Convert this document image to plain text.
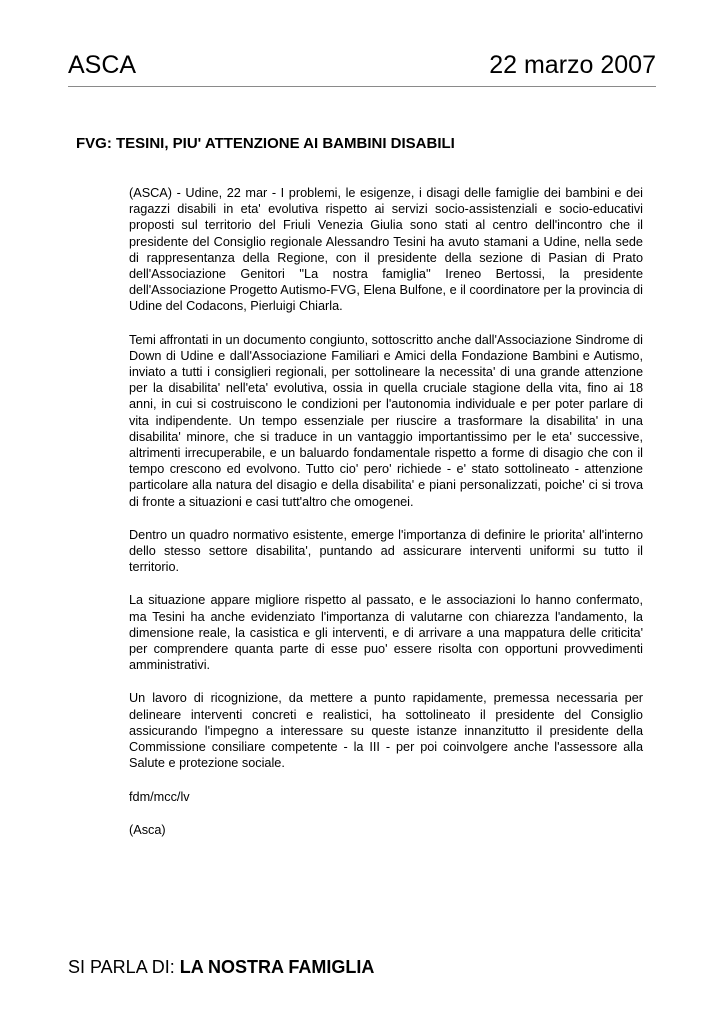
ASCA	22 marzo 2007
FVG: TESINI, PIU' ATTENZIONE AI BAMBINI DISABILI

(ASCA) - Udine, 22 mar - I problemi, le esigenze, i disagi delle famiglie dei bambini e dei ragazzi disabili in eta' evolutiva rispetto ai servizi socio-assistenziali e socio-educativi proposti sul territorio del Friuli Venezia Giulia sono stati al centro dell'incontro che il presidente del Consiglio regionale Alessandro Tesini ha avuto stamani a Udine, nella sede di rappresentanza della Regione, con il presidente della sezione di Pasian di Prato dell'Associazione Genitori ''La nostra famiglia'' Ireneo Bertossi, la presidente dell'Associazione Progetto Autismo-FVG, Elena Bulfone, e il coordinatore per la provincia di Udine del Codacons, Pierluigi Chiarla.

Temi affrontati in un documento congiunto, sottoscritto anche dall'Associazione Sindrome di Down di Udine e dall'Associazione Familiari e Amici della Fondazione Bambini e Autismo, inviato a tutti i consiglieri regionali, per sottolineare la necessita' di una grande attenzione per la disabilita' nell'eta' evolutiva, ossia in quella cruciale stagione della vita, fino ai 18 anni, in cui si costruiscono le condizioni per l'autonomia individuale e per poter parlare di vita indipendente. Un tempo essenziale per riuscire a trasformare la disabilita' in una disabilita' minore, che si traduce in un vantaggio importantissimo per le eta' successive, altrimenti irrecuperabile, e un baluardo fondamentale rispetto a forme di disagio che con il tempo crescono ed evolvono. Tutto cio' pero' richiede - e' stato sottolineato - attenzione particolare alla natura del disagio e della disabilita' e piani personalizzati, poiche' ci si trova di fronte a situazioni e casi tutt'altro che omogenei.

Dentro un quadro normativo esistente, emerge l'importanza di definire le priorita' all'interno dello stesso settore disabilita', puntando ad assicurare interventi uniformi su tutto il territorio.

La situazione appare migliore rispetto al passato, e le associazioni lo hanno confermato, ma Tesini ha anche evidenziato l'importanza di valutarne con chiarezza l'andamento, la dimensione reale, la casistica e gli interventi, e di arrivare a una mappatura delle criticita' per comprendere quanta parte di esse puo' essere risolta con opportuni provvedimenti amministrativi.

Un lavoro di ricognizione, da mettere a punto rapidamente, premessa necessaria per delineare interventi concreti e realistici, ha sottolineato il presidente del Consiglio assicurando l'impegno a interessare su queste istanze innanzitutto il presidente della Commissione consiliare competente - la III - per poi coinvolgere anche l'assessore alla Salute e protezione sociale.

fdm/mcc/lv

(Asca)

SI PARLA DI: LA NOSTRA FAMIGLIA
